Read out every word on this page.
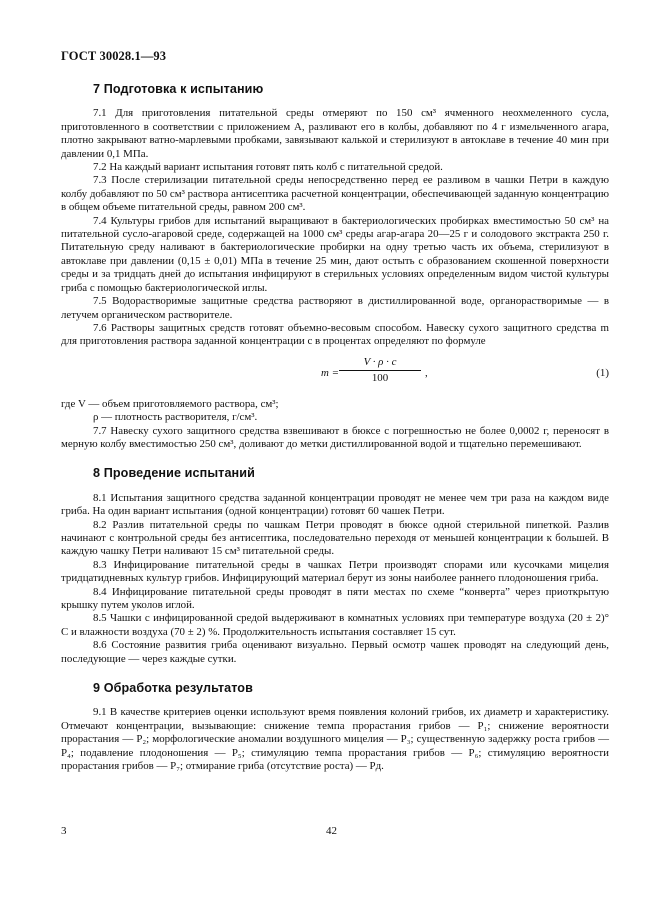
ГОСТ 30028.1—93
7 Подготовка к испытанию

7.1 Для приготовления питательной среды отмеряют по 150 см³ ячменного неохмеленного сусла, приготовленного в соответствии с приложением А, разливают его в колбы, добавляют по 4 г измельченного агара, плотно закрывают ватно-марлевыми пробками, завязывают калькой и стерилизуют в автоклаве в течение 40 мин при давлении 0,1 МПа.

7.2 На каждый вариант испытания готовят пять колб с питательной средой.

7.3 После стерилизации питательной среды непосредственно перед ее разливом в чашки Петри в каждую колбу добавляют по 50 см³ раствора антисептика расчетной концентрации, обеспечивающей заданную концентрацию в общем объеме питательной среды, равном 200 см³.

7.4 Культуры грибов для испытаний выращивают в бактериологических пробирках вместимостью 50 см³ на питательной сусло-агаровой среде, содержащей на 1000 см³ среды агар-агара 20—25 г и солодового экстракта 250 г. Питательную среду наливают в бактериологические пробирки на одну третью часть их объема, стерилизуют в автоклаве при давлении (0,15 ± 0,01) МПа в течение 25 мин, дают остыть с образованием скошенной поверхности среды и за тридцать дней до испытания инфицируют в стерильных условиях определенным видом чистой культуры гриба с помощью бактериологической иглы.

7.5 Водорастворимые защитные средства растворяют в дистиллированной воде, органорастворимые — в летучем органическом растворителе.

7.6 Растворы защитных средств готовят объемно-весовым способом. Навеску сухого защитного средства m для приготовления раствора заданной концентрации c в процентах определяют по формуле

$m = \frac{V \cdot \rho \cdot c}{100}$ ,	(1)

где V — объем приготовляемого раствора, см³;

ρ — плотность растворителя, г/см³.

7.7 Навеску сухого защитного средства взвешивают в бюксе с погрешностью не более 0,0002 г, переносят в мерную колбу вместимостью 250 см³, доливают до метки дистиллированной водой и тщательно перемешивают.

8 Проведение испытаний

8.1 Испытания защитного средства заданной концентрации проводят не менее чем три раза на каждом виде гриба. На один вариант испытания (одной концентрации) готовят 60 чашек Петри.

8.2 Разлив питательной среды по чашкам Петри проводят в бюксе одной стерильной пипеткой. Разлив начинают с контрольной среды без антисептика, последовательно переходя от меньшей концентрации к большей. В каждую чашку Петри наливают 15 см³ питательной среды.

8.3 Инфицирование питательной среды в чашках Петри производят спорами или кусочками мицелия тридцатидневных культур грибов. Инфицирующий материал берут из зоны наиболее раннего плодоношения гриба.

8.4 Инфицирование питательной среды проводят в пяти местах по схеме “конверта” через приоткрытую крышку путем уколов иглой.

8.5 Чашки с инфицированной средой выдерживают в комнатных условиях при температуре воздуха (20 ± 2)° С и влажности воздуха (70 ± 2) %. Продолжительность испытания составляет 15 сут.

8.6 Состояние развития гриба оценивают визуально. Первый осмотр чашек проводят на следующий день, последующие — через каждые сутки.

9 Обработка результатов

9.1 В качестве критериев оценки используют время появления колоний грибов, их диаметр и характеристику. Отмечают концентрации, вызывающие: снижение темпа прорастания грибов — P₁; снижение вероятности прорастания — P₂; морфологические аномалии воздушного мицелия — P₃; существенную задержку роста грибов — P₄; подавление плодоношения — P₅; стимуляцию темпа прорастания грибов — P₆; стимуляцию вероятности прорастания грибов — P₇; отмирание гриба (отсутствие роста) — Pд.

3	42
